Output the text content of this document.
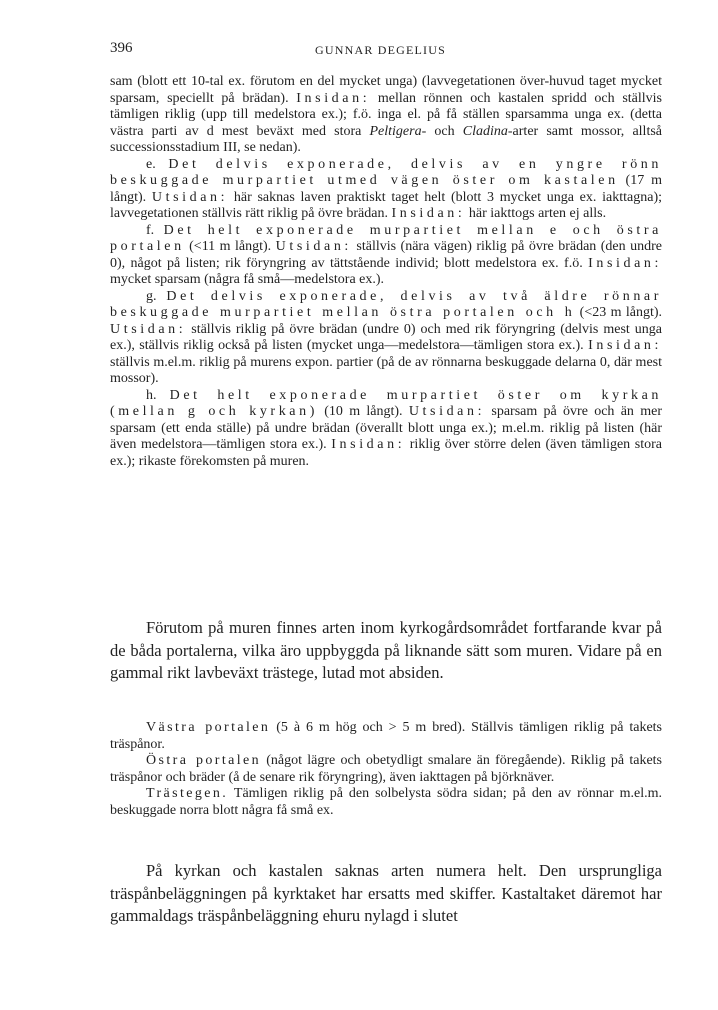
396	GUNNAR DEGELIUS

sam (blott ett 10-tal ex. förutom en del mycket unga) (lavvegetationen över-huvud taget mycket sparsam, speciellt på brädan). Insidan: mellan rönnen och kastalen spridd och ställvis tämligen riklig (upp till medelstora ex.); f.ö. inga el. på få ställen sparsamma unga ex. (detta västra parti av d mest beväxt med stora Peltigera- och Cladina-arter samt mossor, alltså successionsstadium III, se nedan).

e. Det delvis exponerade, delvis av en yngre rönn beskuggade murpartiet utmed vägen öster om kastalen (17 m långt). Utsidan: här saknas laven praktiskt taget helt (blott 3 mycket unga ex. iakttagna); lavvegetationen ställvis rätt riklig på övre brädan. Insidan: här iakttogs arten ej alls.

f. Det helt exponerade murpartiet mellan e och östra portalen (<11 m långt). Utsidan: ställvis (nära vägen) riklig på övre brädan (den undre 0), något på listen; rik föryngring av tättstående individ; blott medelstora ex. f.ö. Insidan: mycket sparsam (några få små—medelstora ex.).

g. Det delvis exponerade, delvis av två äldre rönnar beskuggade murpartiet mellan östra portalen och h (<23 m långt). Utsidan: ställvis riklig på övre brädan (undre 0) och med rik föryngring (delvis mest unga ex.), ställvis riklig också på listen (mycket unga—medelstora—tämligen stora ex.). Insidan: ställvis m.el.m. riklig på murens expon. partier (på de av rönnarna beskuggade delarna 0, där mest mossor).

h. Det helt exponerade murpartiet öster om kyrkan (mellan g och kyrkan) (10 m långt). Utsidan: sparsam på övre och än mer sparsam (ett enda ställe) på undre brädan (överallt blott unga ex.); m.el.m. riklig på listen (här även medelstora—tämligen stora ex.). Insidan: riklig över större delen (även tämligen stora ex.); rikaste förekomsten på muren.

Förutom på muren finnes arten inom kyrkogårdsområdet fortfarande kvar på de båda portalerna, vilka äro uppbyggda på liknande sätt som muren. Vidare på en gammal rikt lavbeväxt trästege, lutad mot absiden.

Västra portalen (5 à 6 m hög och > 5 m bred). Ställvis tämligen riklig på takets träspånor.

Östra portalen (något lägre och obetydligt smalare än föregående). Riklig på takets träspånor och bräder (å de senare rik föryngring), även iakttagen på björknäver.

Trästegen. Tämligen riklig på den solbelysta södra sidan; på den av rönnar m.el.m. beskuggade norra blott några få små ex.

På kyrkan och kastalen saknas arten numera helt. Den ursprungliga träspånbeläggningen på kyrktaket har ersatts med skiffer. Kastaltaket däremot har gammaldags träspånbeläggning ehuru nylagd i slutet
